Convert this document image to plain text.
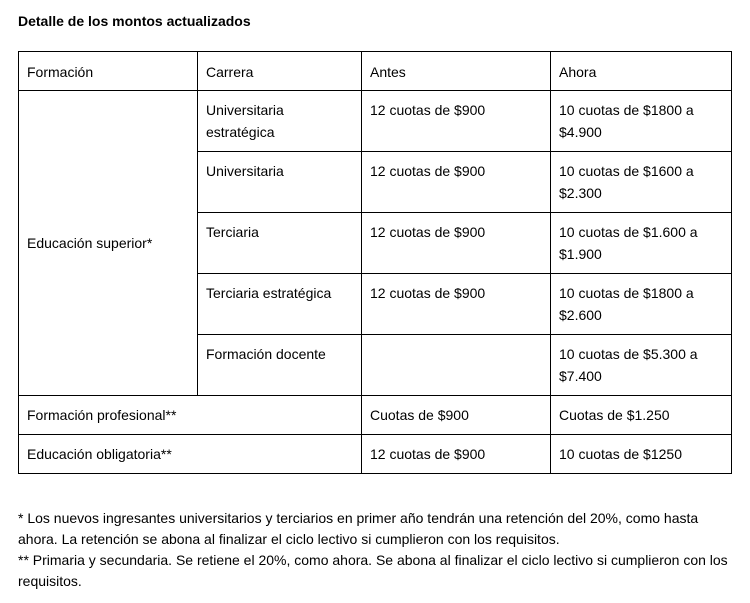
Detalle de los montos actualizados
Formación	Carrera	Antes	Ahora
Educación superior*	Universitaria estratégica	12 cuotas de $900	10 cuotas de $1800 a $4.900
	Universitaria	12 cuotas de $900	10 cuotas de $1600 a $2.300
	Terciaria	12 cuotas de $900	10 cuotas de $1.600 a $1.900
	Terciaria estratégica	12 cuotas de $900	10 cuotas de $1800 a $2.600
	Formación docente		10 cuotas de $5.300 a $7.400
Formación profesional**		Cuotas de $900	Cuotas de $1.250
Educación obligatoria**		12 cuotas de $900	10 cuotas de $1250

* Los nuevos ingresantes universitarios y terciarios en primer año tendrán una retención del 20%, como hasta ahora. La retención se abona al finalizar el ciclo lectivo si cumplieron con los requisitos.

** Primaria y secundaria. Se retiene el 20%, como ahora. Se abona al finalizar el ciclo lectivo si cumplieron con los requisitos.
